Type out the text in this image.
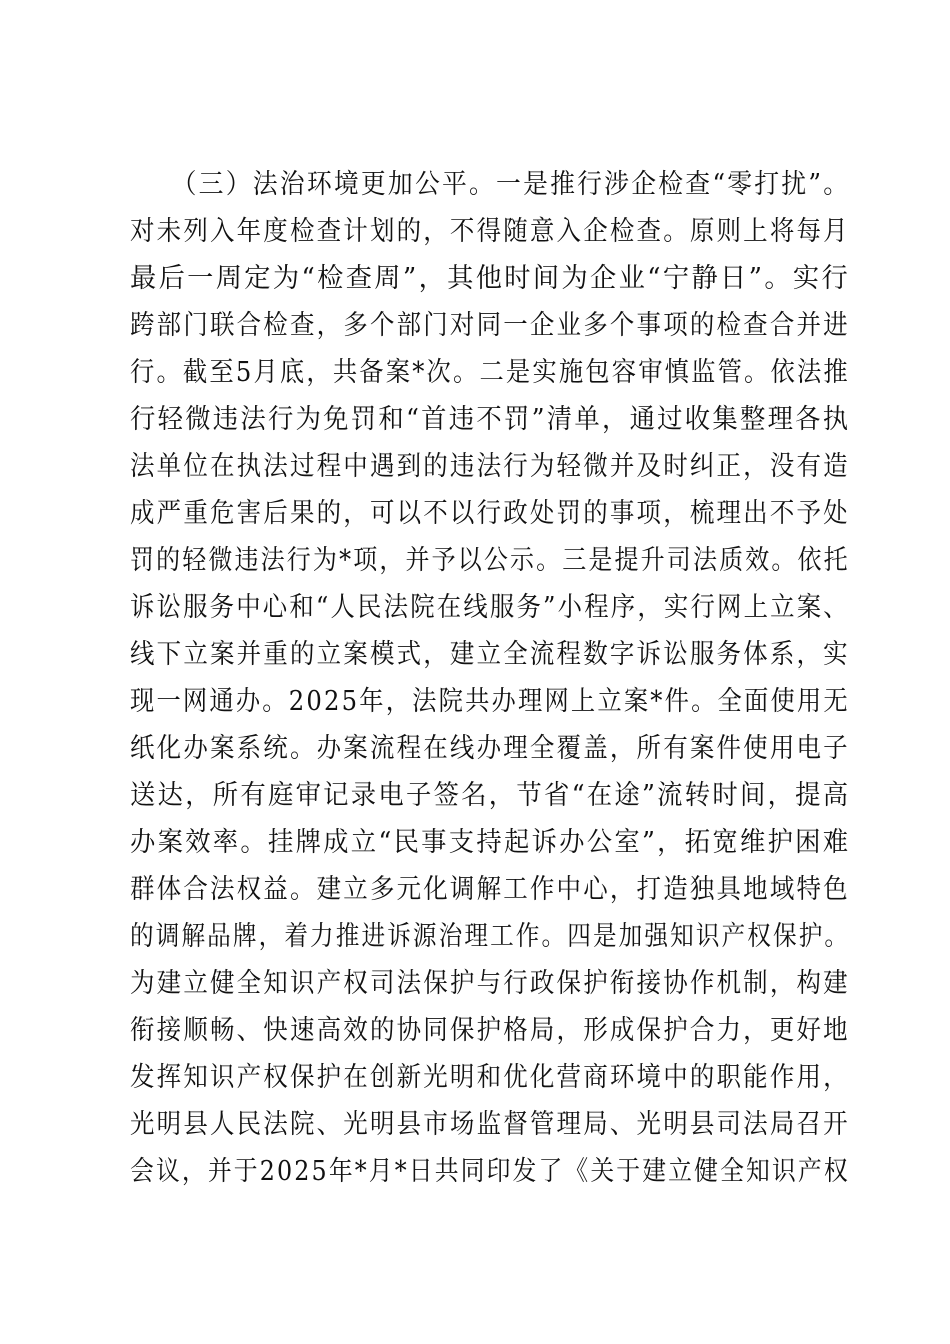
　　（三）法治环境更加公平。一是推行涉企检查“零打扰”。
对未列入年度检查计划的，不得随意入企检查。原则上将每月
最后一周定为“检查周”，其他时间为企业“宁静日”。实行
跨部门联合检查，多个部门对同一企业多个事项的检查合并进
行。截至5月底，共备案*次。二是实施包容审慎监管。依法推
行轻微违法行为免罚和“首违不罚”清单，通过收集整理各执
法单位在执法过程中遇到的违法行为轻微并及时纠正，没有造
成严重危害后果的，可以不以行政处罚的事项，梳理出不予处
罚的轻微违法行为*项，并予以公示。三是提升司法质效。依托
诉讼服务中心和“人民法院在线服务”小程序，实行网上立案、
线下立案并重的立案模式，建立全流程数字诉讼服务体系，实
现一网通办。2025年，法院共办理网上立案*件。全面使用无
纸化办案系统。办案流程在线办理全覆盖，所有案件使用电子
送达，所有庭审记录电子签名，节省“在途”流转时间，提高
办案效率。挂牌成立“民事支持起诉办公室”，拓宽维护困难
群体合法权益。建立多元化调解工作中心，打造独具地域特色
的调解品牌，着力推进诉源治理工作。四是加强知识产权保护。
为建立健全知识产权司法保护与行政保护衔接协作机制，构建
衔接顺畅、快速高效的协同保护格局，形成保护合力，更好地
发挥知识产权保护在创新光明和优化营商环境中的职能作用，
光明县人民法院、光明县市场监督管理局、光明县司法局召开
会议，并于2025年*月*日共同印发了《关于建立健全知识产权
